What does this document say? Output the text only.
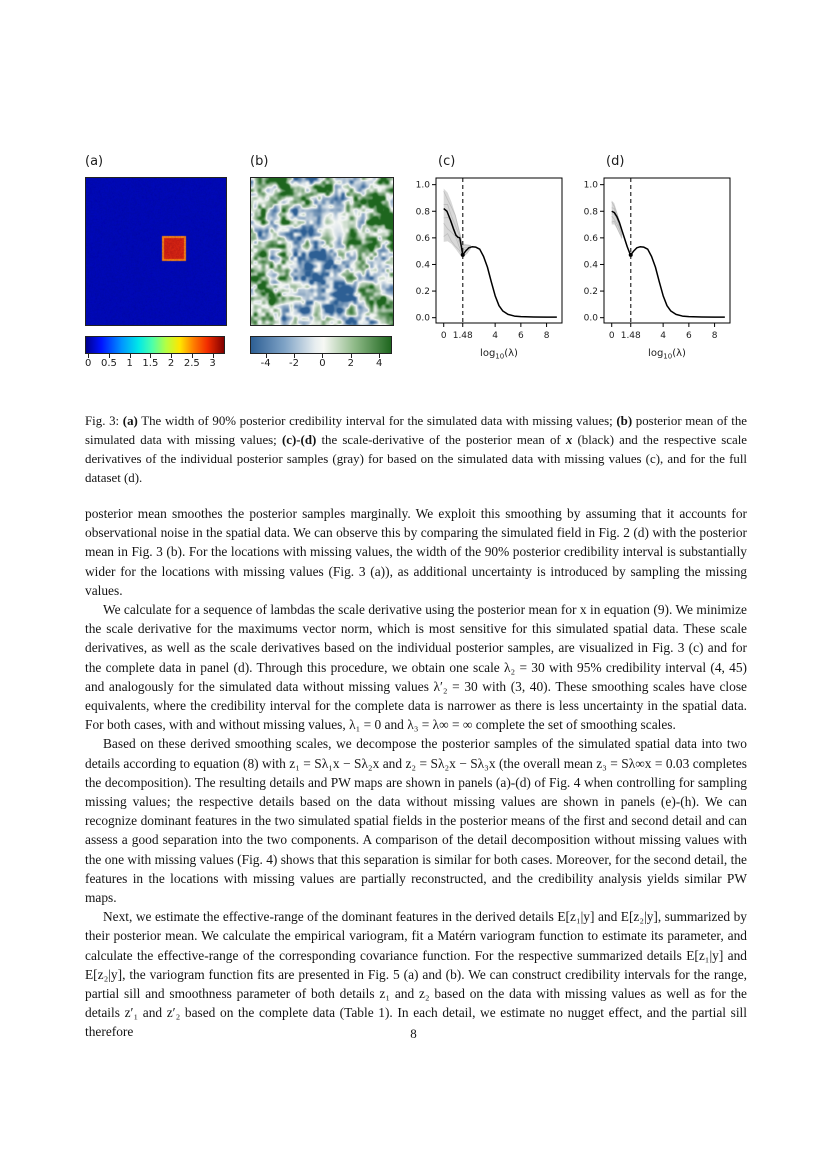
(a)
0 0.5 1 1.5 2 2.5 3
(b)
-4 -2 0 2 4
(c)
0.0
0.2
0.4
0.6
0.8
1.0
0 1.48 4 6 8
$\log_{10}(\lambda)$
(d)
0.0
0.2
0.4
0.6
0.8
1.0
0 1.48 4 6 8
$\log_{10}(\lambda)$
Fig. 3: (a) The width of 90% posterior credibility interval for the simulated data with missing values; (b) posterior mean of the simulated data with missing values; (c)-(d) the scale-derivative of the posterior mean of x (black) and the respective scale derivatives of the individual posterior samples (gray) for based on the simulated data with missing values (c), and for the full dataset (d).

posterior mean smoothes the posterior samples marginally. We exploit this smoothing by assuming that it accounts for observational noise in the spatial data. We can observe this by comparing the simulated field in Fig. 2 (d) with the posterior mean in Fig. 3 (b). For the locations with missing values, the width of the 90% posterior credibility interval is substantially wider for the locations with missing values (Fig. 3 (a)), as additional uncertainty is introduced by sampling the missing values.

We calculate for a sequence of lambdas the scale derivative using the posterior mean for x in equation (9). We minimize the scale derivative for the maximums vector norm, which is most sensitive for this simulated spatial data. These scale derivatives, as well as the scale derivatives based on the individual posterior samples, are visualized in Fig. 3 (c) and for the complete data in panel (d). Through this procedure, we obtain one scale λ₂ = 30 with 95% credibility interval (4, 45) and analogously for the simulated data without missing values λ′₂ = 30 with (3, 40). These smoothing scales have close equivalents, where the credibility interval for the complete data is narrower as there is less uncertainty in the spatial data. For both cases, with and without missing values, λ₁ = 0 and λ₃ = λ∞ = ∞ complete the set of smoothing scales.

Based on these derived smoothing scales, we decompose the posterior samples of the simulated spatial data into two details according to equation (8) with z₁ = Sλ₁x − Sλ₂x and z₂ = Sλ₂x − Sλ₃x (the overall mean z₃ = Sλ∞x = 0.03 completes the decomposition). The resulting details and PW maps are shown in panels (a)-(d) of Fig. 4 when controlling for sampling missing values; the respective details based on the data without missing values are shown in panels (e)-(h). We can recognize dominant features in the two simulated spatial fields in the posterior means of the first and second detail and can assess a good separation into the two components. A comparison of the detail decomposition without missing values with the one with missing values (Fig. 4) shows that this separation is similar for both cases. Moreover, for the second detail, the features in the locations with missing values are partially reconstructed, and the credibility analysis yields similar PW maps.

Next, we estimate the effective-range of the dominant features in the derived details E[z₁|y] and E[z₂|y], summarized by their posterior mean. We calculate the empirical variogram, fit a Matérn variogram function to estimate its parameter, and calculate the effective-range of the corresponding covariance function. For the respective summarized details E[z₁|y] and E[z₂|y], the variogram function fits are presented in Fig. 5 (a) and (b). We can construct credibility intervals for the range, partial sill and smoothness parameter of both details z₁ and z₂ based on the data with missing values as well as for the details z′₁ and z′₂ based on the complete data (Table 1). In each detail, we estimate no nugget effect, and the partial sill therefore	8
